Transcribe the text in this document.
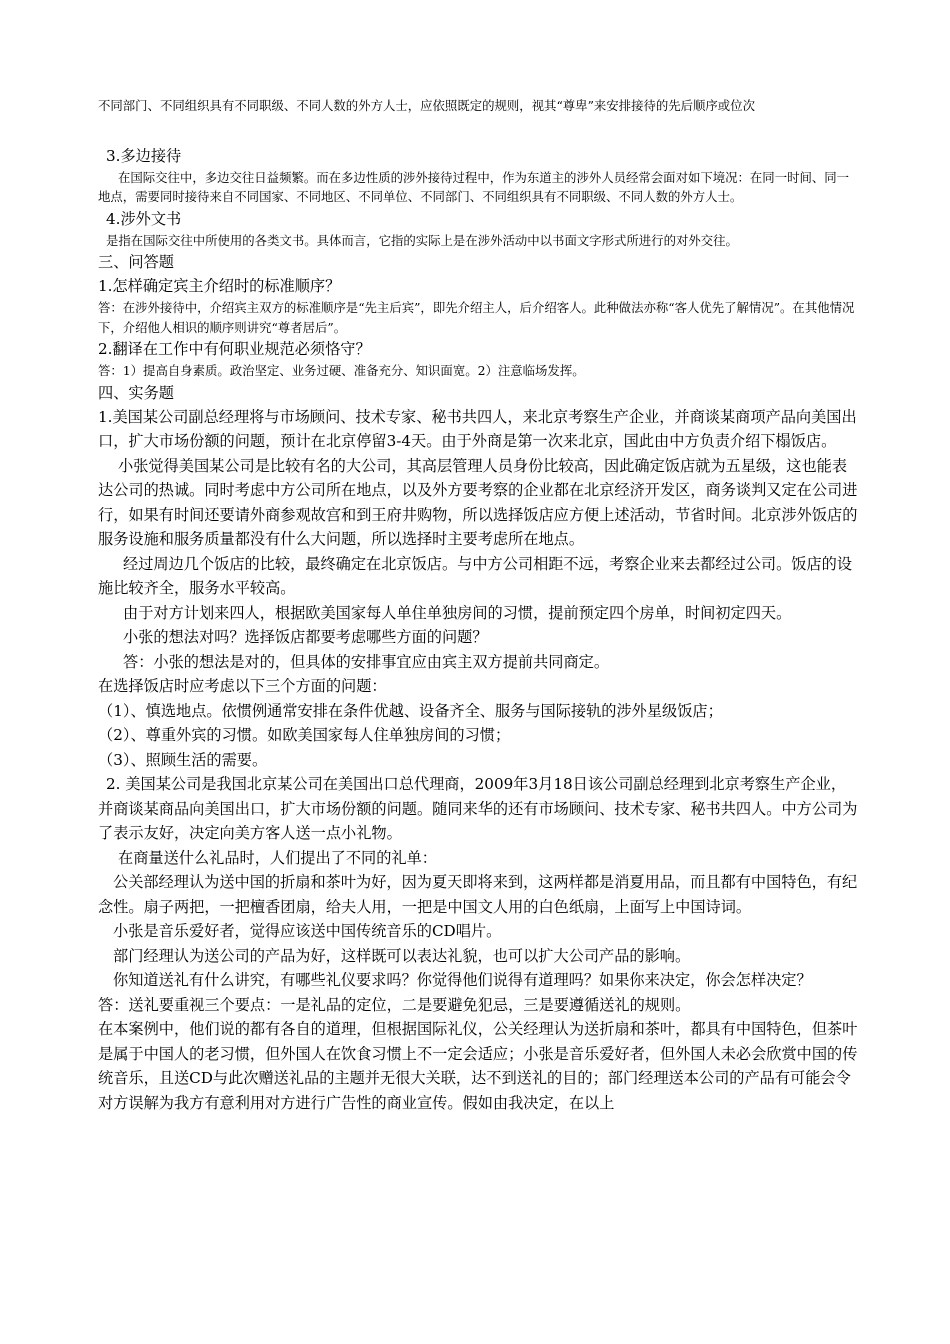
不同部门、不同组织具有不同职级、不同人数的外方人士，应依照既定的规则，视其“尊卑”来安排接待的先后顺序或位次

3.多边接待

在国际交往中，多边交往日益频繁。而在多边性质的涉外接待过程中，作为东道主的涉外人员经常会面对如下境况：在同一时间、同一地点，需要同时接待来自不同国家、不同地区、不同单位、不同部门、不同组织具有不同职级、不同人数的外方人士。

4.涉外文书

是指在国际交往中所使用的各类文书。具体而言，它指的实际上是在涉外活动中以书面文字形式所进行的对外交往。

三、问答题

1.怎样确定宾主介绍时的标准顺序？

答：在涉外接待中，介绍宾主双方的标准顺序是“先主后宾”，即先介绍主人，后介绍客人。此种做法亦称“客人优先了解情况”。在其他情况下，介绍他人相识的顺序则讲究“尊者居后”。

2.翻译在工作中有何职业规范必须恪守？

答：1）提高自身素质。政治坚定、业务过硬、准备充分、知识面宽。2）注意临场发挥。

四、实务题

1.美国某公司副总经理将与市场顾问、技术专家、秘书共四人，来北京考察生产企业，并商谈某商项产品向美国出口，扩大市场份额的问题，预计在北京停留3-4天。由于外商是第一次来北京，国此由中方负责介绍下榻饭店。

小张觉得美国某公司是比较有名的大公司，其高层管理人员身份比较高，因此确定饭店就为五星级，这也能表达公司的热诚。同时考虑中方公司所在地点，以及外方要考察的企业都在北京经济开发区，商务谈判又定在公司进行，如果有时间还要请外商参观故宫和到王府井购物，所以选择饭店应方便上述活动，节省时间。北京涉外饭店的服务设施和服务质量都没有什么大问题，所以选择时主要考虑所在地点。

经过周边几个饭店的比较，最终确定在北京饭店。与中方公司相距不远，考察企业来去都经过公司。饭店的设施比较齐全，服务水平较高。

由于对方计划来四人，根据欧美国家每人单住单独房间的习惯，提前预定四个房单，时间初定四天。

小张的想法对吗？选择饭店都要考虑哪些方面的问题？

答：小张的想法是对的，但具体的安排事宜应由宾主双方提前共同商定。

在选择饭店时应考虑以下三个方面的问题：

（1）、慎选地点。依惯例通常安排在条件优越、设备齐全、服务与国际接轨的涉外星级饭店；

（2）、尊重外宾的习惯。如欧美国家每人住单独房间的习惯；

（3）、照顾生活的需要。

2. 美国某公司是我国北京某公司在美国出口总代理商，2009年3月18日该公司副总经理到北京考察生产企业，并商谈某商品向美国出口，扩大市场份额的问题。随同来华的还有市场顾问、技术专家、秘书共四人。中方公司为了表示友好，决定向美方客人送一点小礼物。

在商量送什么礼品时，人们提出了不同的礼单：

公关部经理认为送中国的折扇和茶叶为好，因为夏天即将来到，这两样都是消夏用品，而且都有中国特色，有纪念性。扇子两把，一把檀香团扇，给夫人用，一把是中国文人用的白色纸扇，上面写上中国诗词。

小张是音乐爱好者，觉得应该送中国传统音乐的CD唱片。

部门经理认为送公司的产品为好，这样既可以表达礼貌，也可以扩大公司产品的影响。

你知道送礼有什么讲究，有哪些礼仪要求吗？你觉得他们说得有道理吗？如果你来决定，你会怎样决定？

答：送礼要重视三个要点：一是礼品的定位，二是要避免犯忌，三是要遵循送礼的规则。

在本案例中，他们说的都有各自的道理，但根据国际礼仪，公关经理认为送折扇和茶叶，都具有中国特色，但茶叶是属于中国人的老习惯，但外国人在饮食习惯上不一定会适应；小张是音乐爱好者，但外国人未必会欣赏中国的传统音乐，且送CD与此次赠送礼品的主题并无很大关联，达不到送礼的目的；部门经理送本公司的产品有可能会令对方误解为我方有意利用对方进行广告性的商业宣传。假如由我决定，在以上
